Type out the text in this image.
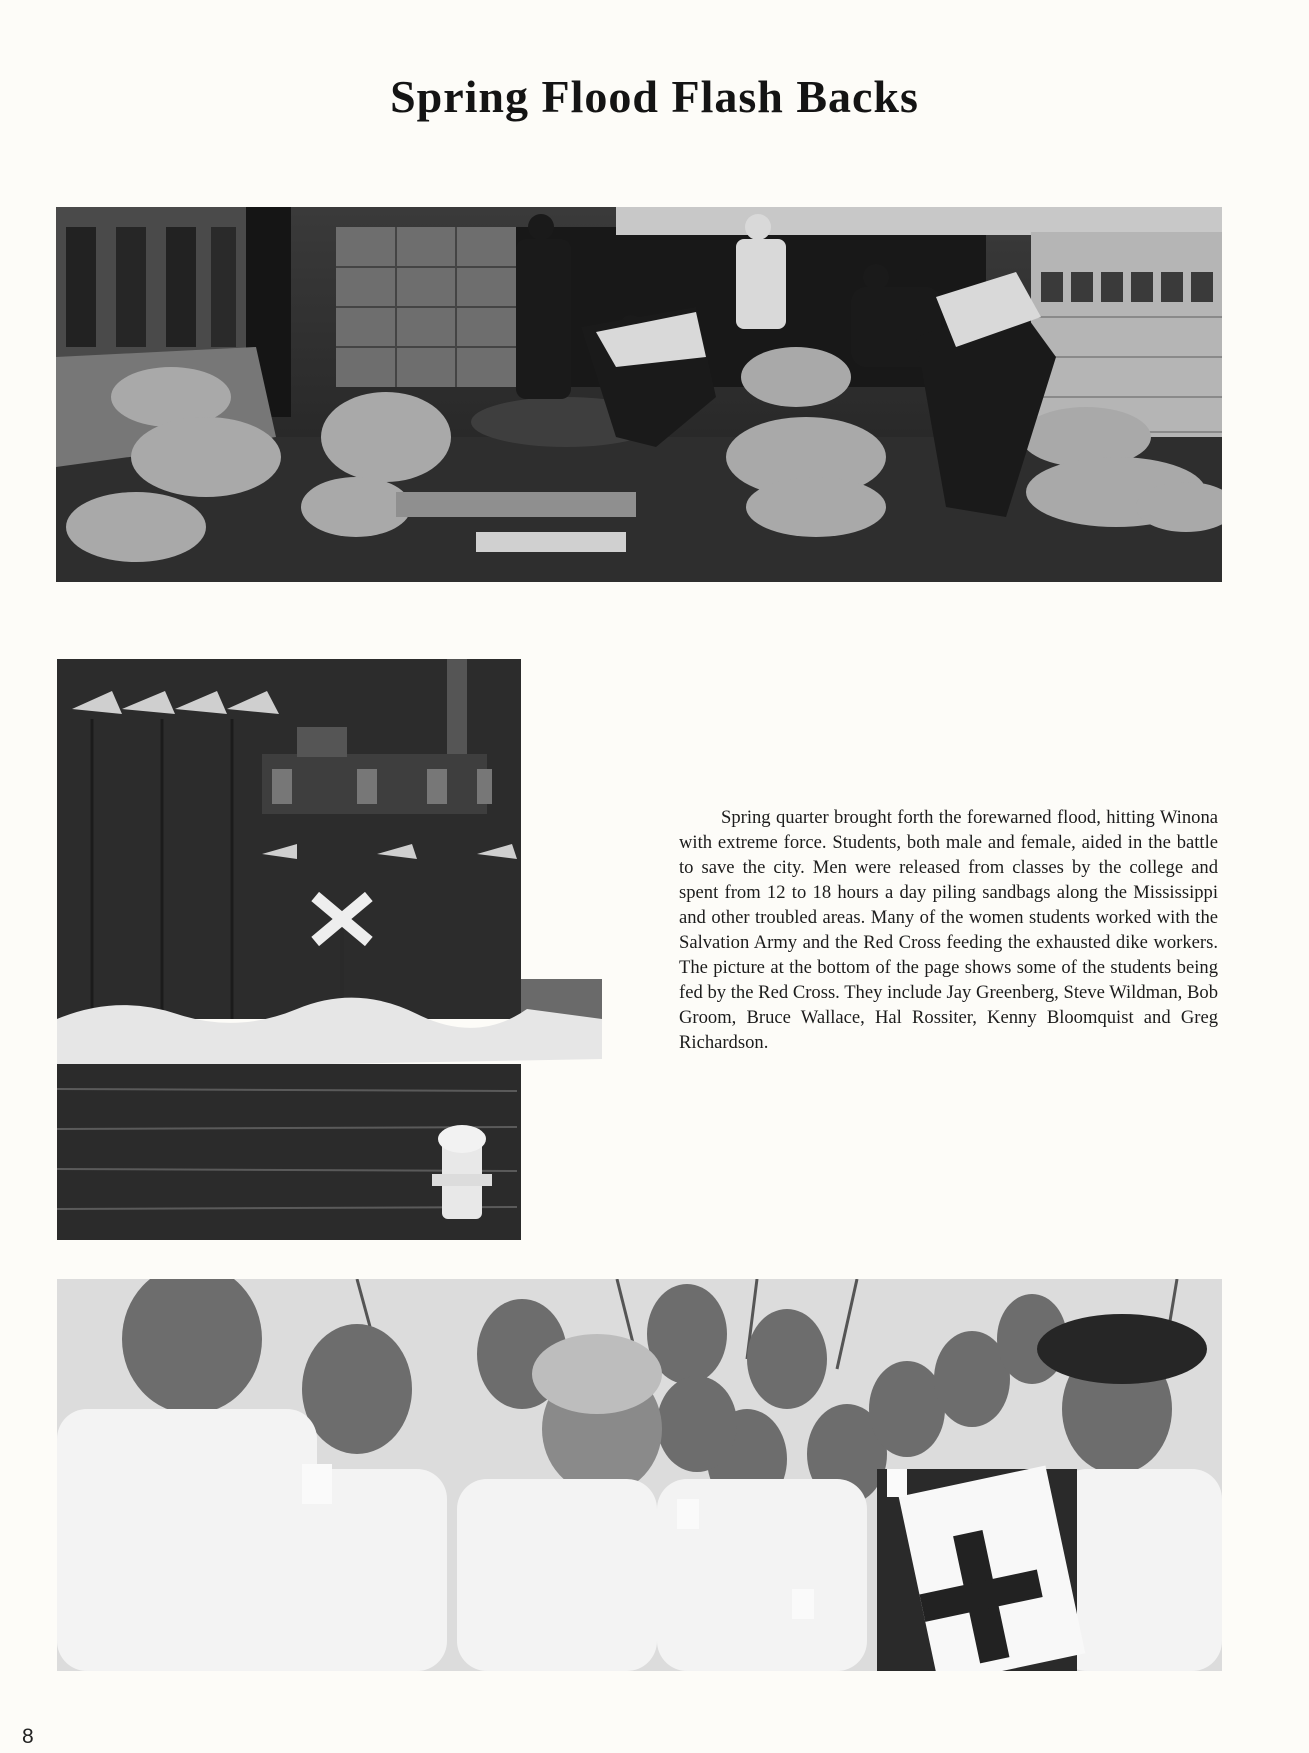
Spring Flood Flash Backs

Spring quarter brought forth the forewarned flood, hitting Winona with extreme force. Students, both male and female, aided in the battle to save the city. Men were released from classes by the college and spent from 12 to 18 hours a day piling sandbags along the Mississippi and other troubled areas. Many of the women students worked with the Salvation Army and the Red Cross feeding the exhausted dike workers. The picture at the bottom of the page shows some of the students being fed by the Red Cross. They include Jay Greenberg, Steve Wildman, Bob Groom, Bruce Wallace, Hal Rossiter, Kenny Bloomquist and Greg Richardson.

8
